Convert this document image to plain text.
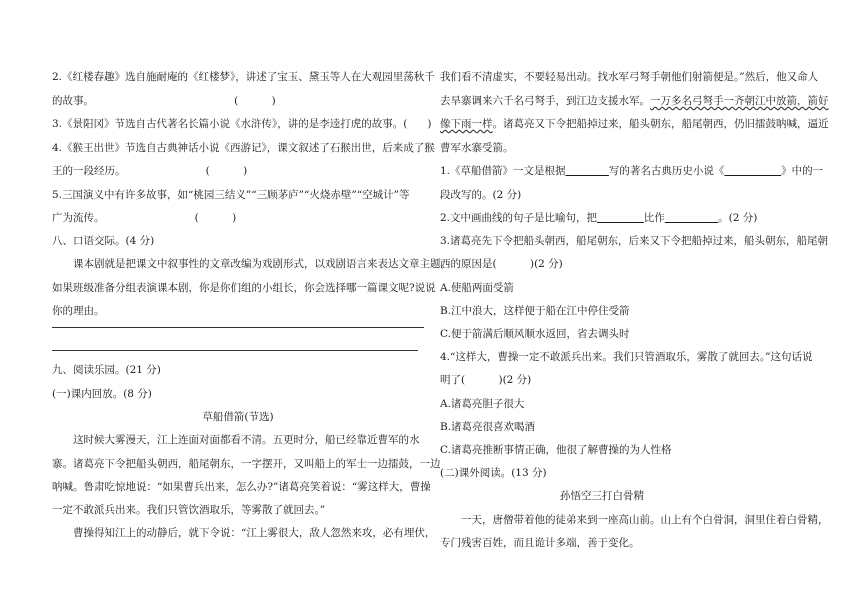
2.《红楼春趣》选自施耐庵的《红楼梦》，讲述了宝玉、黛玉等人在大观园里荡秋千
的故事。                                          (          )
3.《景阳冈》节选自古代著名长篇小说《水浒传》，讲的是李逵打虎的故事。(      )
4.《猴王出世》节选自古典神话小说《西游记》，课文叙述了石猴出世，后来成了猴
王的一段经历。                        (          )
5.三国演义中有许多故事，如“桃园三结义”“三顾茅庐”“火烧赤壁”“空城计”等
广为流传。                           (          )
八、口语交际。(4 分)
课本剧就是把课文中叙事性的文章改编为戏剧形式，以戏剧语言来表达文章主题。
如果班级准备分组表演课本剧，你是你们组的小组长，你会选择哪一篇课文呢?说说
你的理由。
九、阅读乐园。(21 分)
(一)课内回放。(8 分)
草船借箭(节选)
这时候大雾漫天，江上连面对面都看不清。五更时分，船已经靠近曹军的水
寨。诸葛亮下令把船头朝西，船尾朝东，一字摆开，又叫船上的军士一边擂鼓，一边
呐喊。鲁肃吃惊地说：“如果曹兵出来，怎么办?”诸葛亮笑着说：“雾这样大，曹操
一定不敢派兵出来。我们只管饮酒取乐，等雾散了就回去。”
曹操得知江上的动静后，就下令说：“江上雾很大，敌人忽然来攻，必有埋伏，
我们看不清虚实，不要轻易出动。找水军弓弩手朝他们射箭便是。”然后，他又命人
去旱寨调来六千名弓弩手，到江边支援水军。一万多名弓弩手一齐朝江中放箭，箭好
像下雨一样。诸葛亮又下令把船掉过来，船头朝东，船尾朝西，仍旧擂鼓呐喊，逼近
曹军水寨受箭。
1.《草船借箭》一文是根据	写的著名古典历史小说《	》中的一
段改写的。(2 分)
2.文中画曲线的句子是比喻句，把	比作	。(2 分)
3.诸葛亮先下令把船头朝西，船尾朝东，后来又下令把船掉过来，船头朝东，船尾朝
西的原因是(          )(2 分)
A.使船两面受箭
B.江中浪大，这样便于船在江中停住受箭
C.便于箭满后顺风顺水返回，省去调头时
4.“这样大，曹操一定不敢派兵出来。我们只管酒取乐，雾散了就回去。”这句话说
明了(          )(2 分)
A.诸葛亮胆子很大
B.诸葛亮很喜欢喝酒
C.诸葛亮推断事情正确，他很了解曹操的为人性格
(二)课外阅读。(13 分)
孙悟空三打白骨精
一天，唐僧带着他的徒弟来到一座高山前。山上有个白骨洞，洞里住着白骨精，
专门残害百姓，而且诡计多端，善于变化。
